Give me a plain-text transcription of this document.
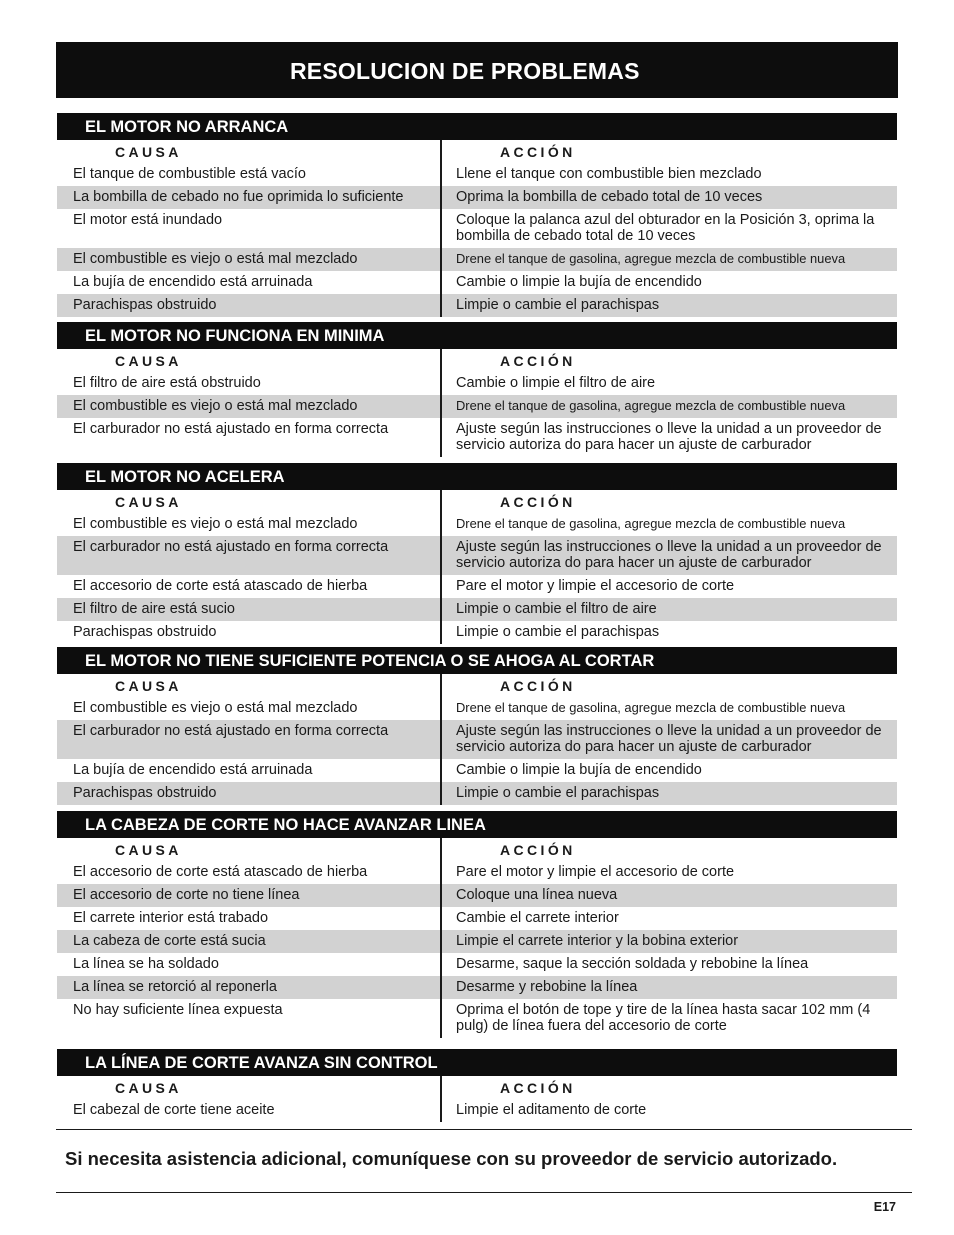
RESOLUCION DE PROBLEMAS
EL MOTOR NO ARRANCA
CAUSA	ACCIÓN
El tanque de combustible está vacío	Llene el tanque con combustible bien mezclado
La bombilla de cebado no fue oprimida lo suficiente	Oprima la bombilla de cebado total de 10 veces
El motor está inundado	Coloque la palanca azul del obturador en la Posición 3, oprima la bombilla de cebado total de 10 veces
El combustible es viejo o está mal mezclado	Drene el tanque de gasolina, agregue mezcla de combustible nueva
La bujía de encendido está arruinada	Cambie o limpie la bujía de encendido
Parachispas obstruido	Limpie o cambie el parachispas
EL MOTOR NO FUNCIONA EN MINIMA
CAUSA	ACCIÓN
El filtro de aire está obstruido	Cambie o limpie el filtro de aire
El combustible es viejo o está mal mezclado	Drene el tanque de gasolina, agregue mezcla de combustible nueva
El carburador no está ajustado en forma correcta	Ajuste según las instrucciones o lleve la unidad a un proveedor de servicio autoriza do para hacer un ajuste de carburador
EL MOTOR NO ACELERA
CAUSA	ACCIÓN
El combustible es viejo o está mal mezclado	Drene el tanque de gasolina, agregue mezcla de combustible nueva
El carburador no está ajustado en forma correcta	Ajuste según las instrucciones o lleve la unidad a un proveedor de servicio autoriza do para hacer un ajuste de carburador
El accesorio de corte está atascado de hierba	Pare el motor y limpie el accesorio de corte
El filtro de aire está sucio	Limpie o cambie el filtro de aire
Parachispas obstruido	Limpie o cambie el parachispas
EL MOTOR NO TIENE SUFICIENTE POTENCIA O SE AHOGA AL CORTAR
CAUSA	ACCIÓN
El combustible es viejo o está mal mezclado	Drene el tanque de gasolina, agregue mezcla de combustible nueva
El carburador no está ajustado en forma correcta	Ajuste según las instrucciones o lleve la unidad a un proveedor de servicio autoriza do para hacer un ajuste de carburador
La bujía de encendido está arruinada	Cambie o limpie la bujía de encendido
Parachispas obstruido	Limpie o cambie el parachispas
LA CABEZA DE CORTE NO HACE AVANZAR LINEA
CAUSA	ACCIÓN
El accesorio de corte está atascado de hierba	Pare el motor y limpie el accesorio de corte
El accesorio de corte no tiene línea	Coloque una línea nueva
El carrete interior está trabado	Cambie el carrete interior
La cabeza de corte está sucia	Limpie el carrete interior y la bobina exterior
La línea se ha soldado	Desarme, saque la sección soldada y rebobine la línea
La línea se retorció al reponerla	Desarme y rebobine la línea
No hay suficiente línea expuesta	Oprima el botón de tope y tire de la línea hasta sacar 102 mm (4 pulg) de línea fuera del accesorio de corte
LA LÍNEA DE CORTE AVANZA SIN CONTROL
CAUSA	ACCIÓN
El cabezal de corte tiene aceite	Limpie el aditamento de corte
Si necesita asistencia adicional, comuníquese con su proveedor de servicio autorizado.
E17
